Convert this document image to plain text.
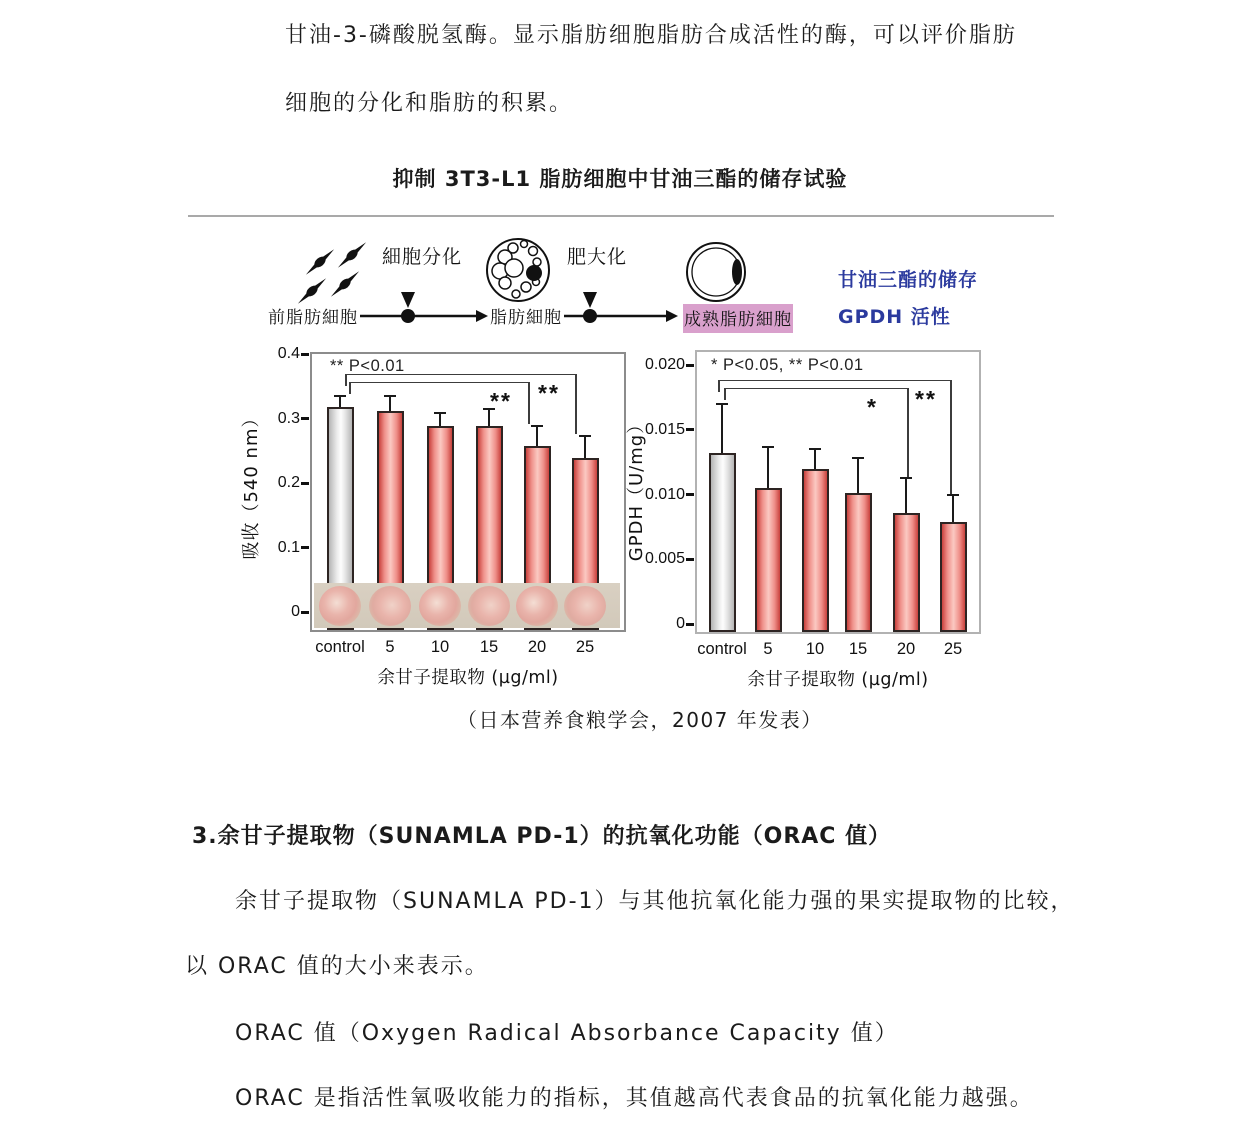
甘油-3-磷酸脱氢酶。显示脂肪细胞脂肪合成活性的酶，可以评价脂肪
细胞的分化和脂肪的积累。
抑制 3T3-L1 脂肪细胞中甘油三酯的储存试验
前脂肪細胞
細胞分化
脂肪細胞
肥大化
成熟脂肪細胞
甘油三酯的储存
GPDH 活性
0
0.1
0.2
0.3
0.4
** **
** P<0.01
control	5	10	15	20	25
余甘子提取物 (µg/ml)
吸收（540 nm）
0
0.005
0.010
0.015
0.020
* **
* P<0.05, ** P<0.01
control	5	10	15	20	25
余甘子提取物 (µg/ml)
GPDH（U/mg）
（日本营养食粮学会，2007 年发表）
3.余甘子提取物（SUNAMLA PD-1）的抗氧化功能（ORAC 值）
余甘子提取物（SUNAMLA PD-1）与其他抗氧化能力强的果实提取物的比较，
以 ORAC 值的大小来表示。
ORAC 值（Oxygen Radical Absorbance Capacity 值）
ORAC 是指活性氧吸收能力的指标，其值越高代表食品的抗氧化能力越强。
